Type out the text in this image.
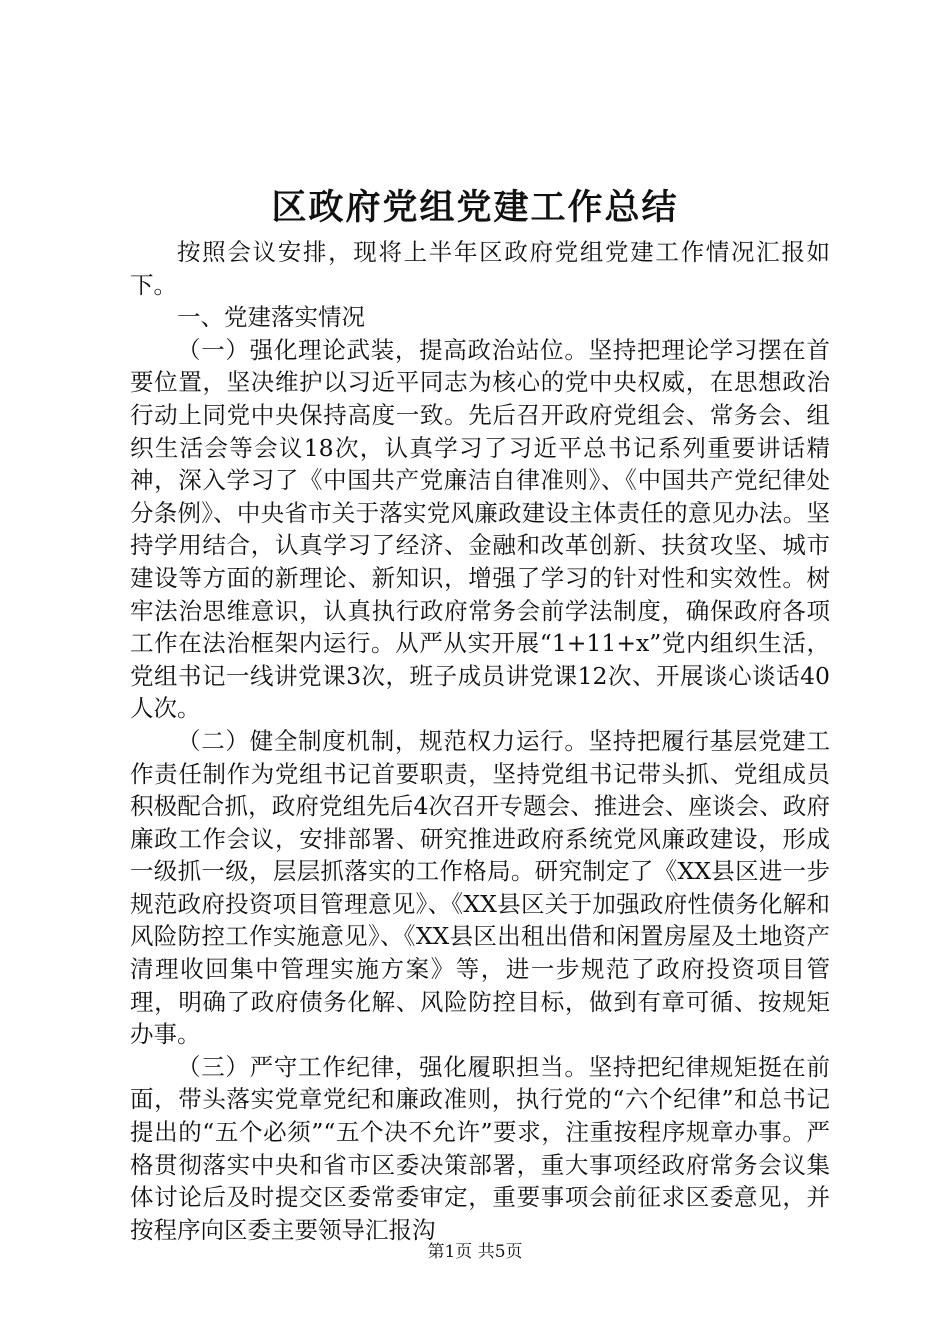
区政府党组党建工作总结

按照会议安排，现将上半年区政府党组党建工作情况汇报如下。

一、党建落实情况

（一）强化理论武装，提高政治站位。坚持把理论学习摆在首要位置，坚决维护以习近平同志为核心的党中央权威，在思想政治行动上同党中央保持高度一致。先后召开政府党组会、常务会、组织生活会等会议18次，认真学习了习近平总书记系列重要讲话精神，深入学习了《中国共产党廉洁自律准则》、《中国共产党纪律处分条例》、中央省市关于落实党风廉政建设主体责任的意见办法。坚持学用结合，认真学习了经济、金融和改革创新、扶贫攻坚、城市建设等方面的新理论、新知识，增强了学习的针对性和实效性。树牢法治思维意识，认真执行政府常务会前学法制度，确保政府各项工作在法治框架内运行。从严从实开展“1+11+x”党内组织生活，党组书记一线讲党课3次，班子成员讲党课12次、开展谈心谈话40人次。

（二）健全制度机制，规范权力运行。坚持把履行基层党建工作责任制作为党组书记首要职责，坚持党组书记带头抓、党组成员积极配合抓，政府党组先后4次召开专题会、推进会、座谈会、政府廉政工作会议，安排部署、研究推进政府系统党风廉政建设，形成一级抓一级，层层抓落实的工作格局。研究制定了《XX县区进一步规范政府投资项目管理意见》、《XX县区关于加强政府性债务化解和风险防控工作实施意见》、《XX县区出租出借和闲置房屋及土地资产清理收回集中管理实施方案》等，进一步规范了政府投资项目管理，明确了政府债务化解、风险防控目标，做到有章可循、按规矩办事。

（三）严守工作纪律，强化履职担当。坚持把纪律规矩挺在前面，带头落实党章党纪和廉政准则，执行党的“六个纪律”和总书记提出的“五个必须”“五个决不允许”要求，注重按程序规章办事。严格贯彻落实中央和省市区委决策部署，重大事项经政府常务会议集体讨论后及时提交区委常委审定，重要事项会前征求区委意见，并按程序向区委主要领导汇报沟

第1页 共5页
